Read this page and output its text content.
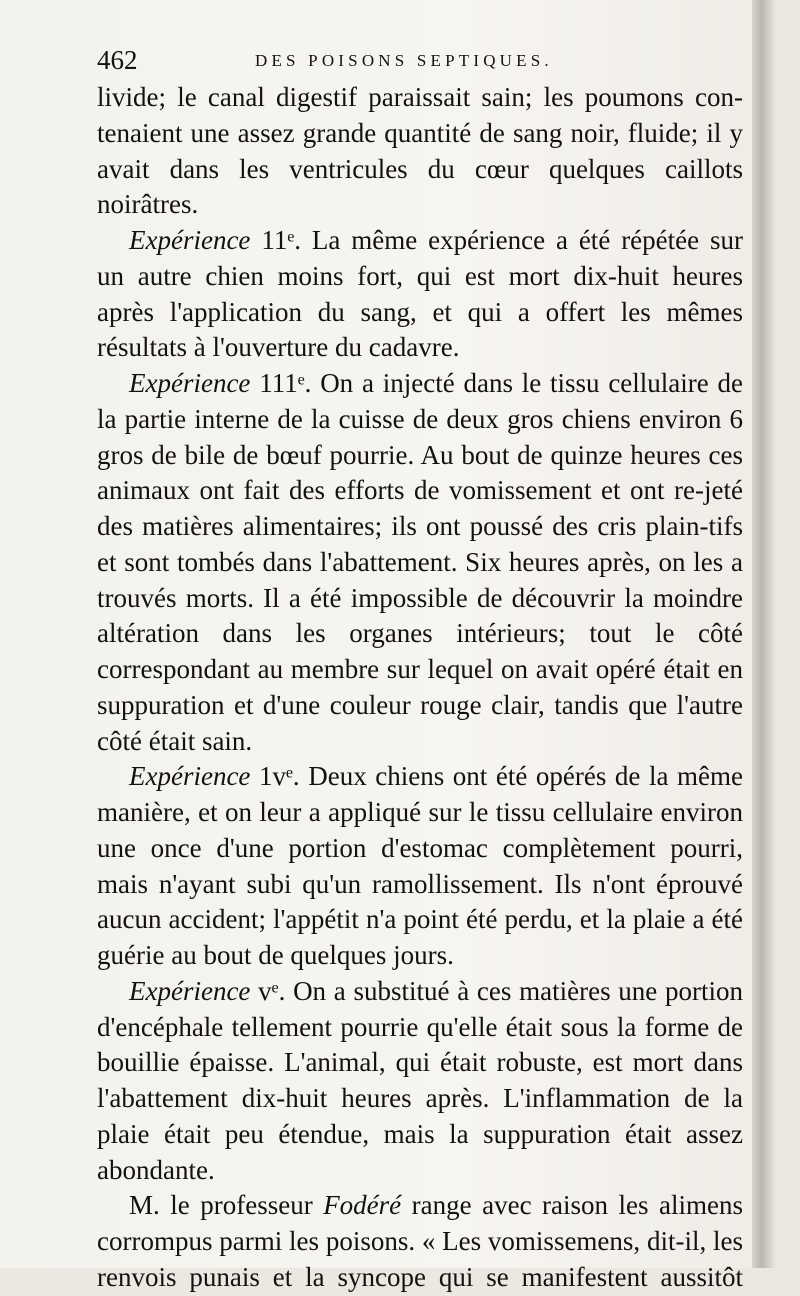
462	DES POISONS SEPTIQUES.

livide; le canal digestif paraissait sain; les poumons con-tenaient une assez grande quantité de sang noir, fluide; il y avait dans les ventricules du cœur quelques caillots noirâtres.

Expérience 11ᵉ. La même expérience a été répétée sur un autre chien moins fort, qui est mort dix-huit heures après l'application du sang, et qui a offert les mêmes résultats à l'ouverture du cadavre.

Expérience 111ᵉ. On a injecté dans le tissu cellulaire de la partie interne de la cuisse de deux gros chiens environ 6 gros de bile de bœuf pourrie. Au bout de quinze heures ces animaux ont fait des efforts de vomissement et ont re-jeté des matières alimentaires; ils ont poussé des cris plain-tifs et sont tombés dans l'abattement. Six heures après, on les a trouvés morts. Il a été impossible de découvrir la moindre altération dans les organes intérieurs; tout le côté correspondant au membre sur lequel on avait opéré était en suppuration et d'une couleur rouge clair, tandis que l'autre côté était sain.

Expérience 1vᵉ. Deux chiens ont été opérés de la même manière, et on leur a appliqué sur le tissu cellulaire environ une once d'une portion d'estomac complètement pourri, mais n'ayant subi qu'un ramollissement. Ils n'ont éprouvé aucun accident; l'appétit n'a point été perdu, et la plaie a été guérie au bout de quelques jours.

Expérience vᵉ. On a substitué à ces matières une portion d'encéphale tellement pourrie qu'elle était sous la forme de bouillie épaisse. L'animal, qui était robuste, est mort dans l'abattement dix-huit heures après. L'inflammation de la plaie était peu étendue, mais la suppuration était assez abondante.

M. le professeur Fodéré range avec raison les alimens corrompus parmi les poisons. « Les vomissemens, dit-il, les renvois punais et la syncope qui se manifestent aussitôt
